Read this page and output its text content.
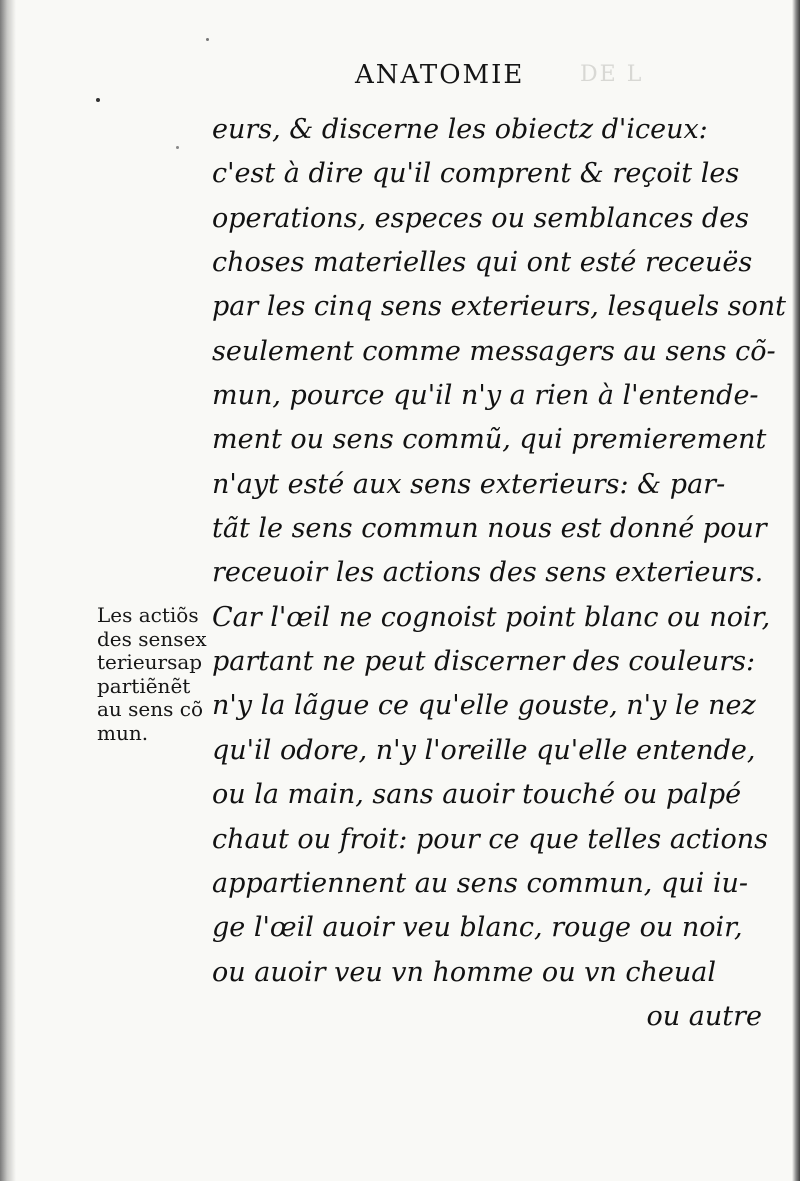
DE L
ANATOMIE
eurs, & discerne les obiectz d'iceux:
c'est à dire qu'il comprent & reçoit les
operations, especes ou semblances des
choses materielles qui ont esté receuës
par les cinq sens exterieurs, lesquels sont
seulement comme messagers au sens cõ-
mun, pource qu'il n'y a rien à l'entende-
ment ou sens commũ, qui premierement
n'ayt esté aux sens exterieurs: & par-
tãt le sens commun nous est donné pour
receuoir les actions des sens exterieurs.
Car l'œil ne cognoist point blanc ou noir,
partant ne peut discerner des couleurs:
n'y la lãgue ce qu'elle gouste, n'y le nez
qu'il odore, n'y l'oreille qu'elle entende,
ou la main, sans auoir touché ou palpé
chaut ou froit: pour ce que telles actions
appartiennent au sens commun, qui iu-
ge l'œil auoir veu blanc, rouge ou noir,
ou auoir veu vn homme ou vn cheual
ou autre
Les actiõs
des sensex
terieursap
partiẽnẽt
au sens cõ
mun.
